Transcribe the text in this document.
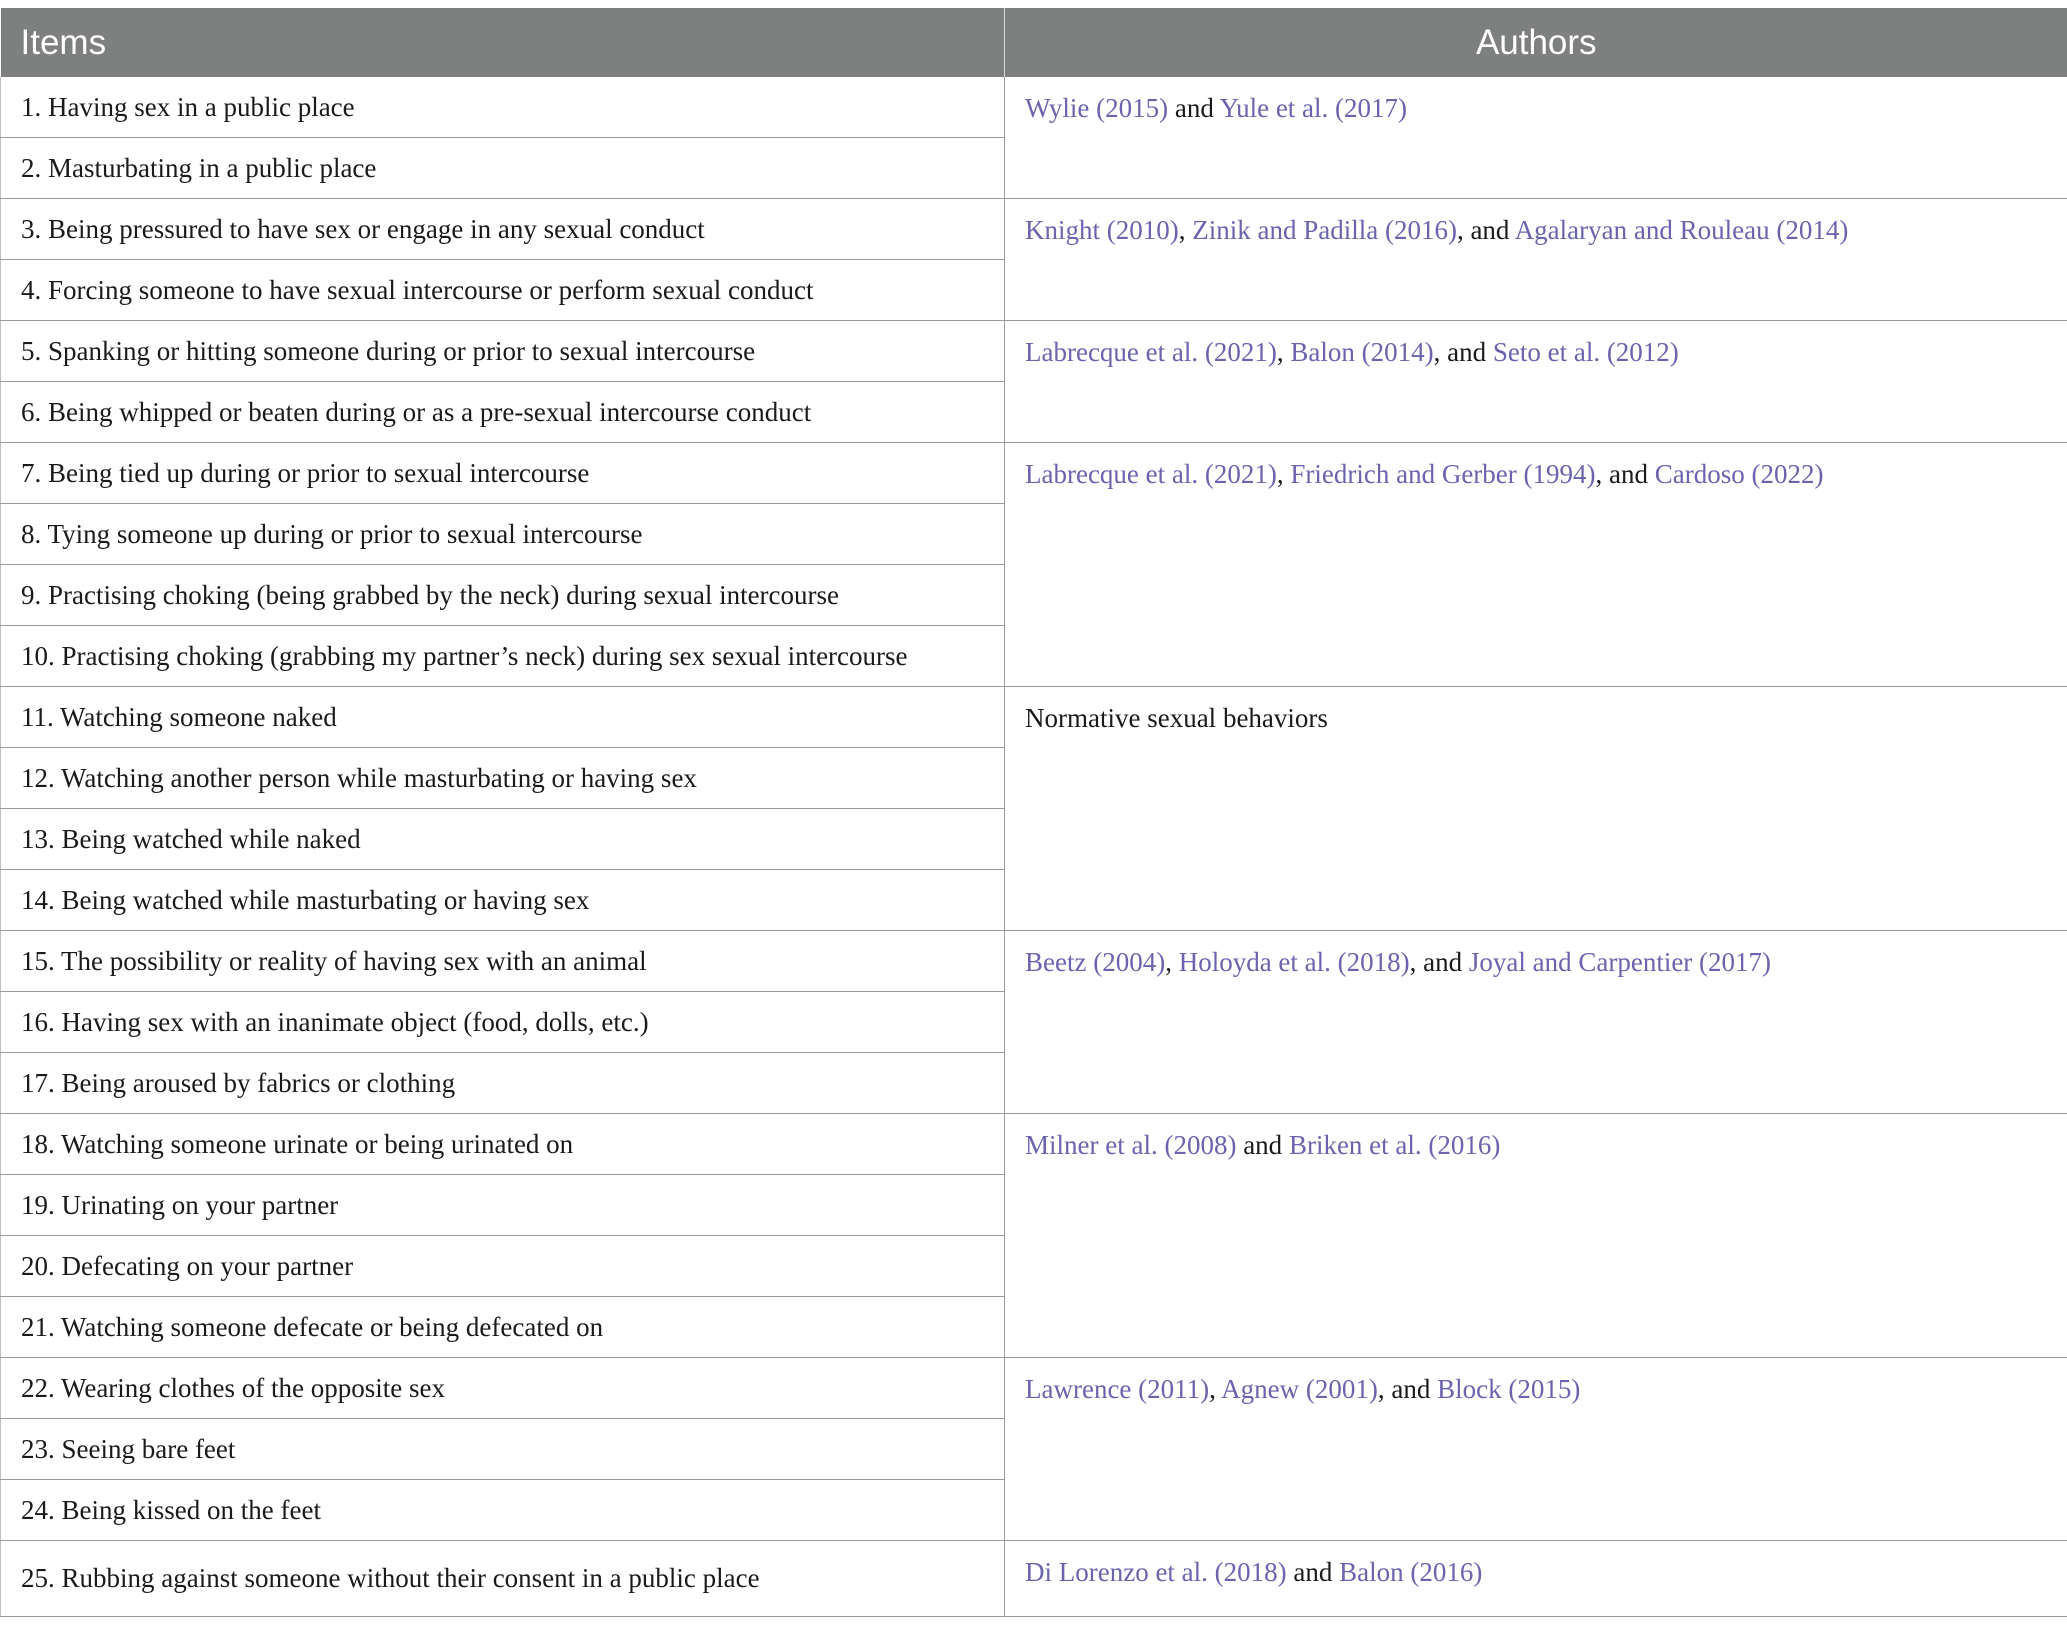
Items	Authors
1. Having sex in a public place	Wylie (2015) and Yule et al. (2017)
2. Masturbating in a public place	
3. Being pressured to have sex or engage in any sexual conduct	Knight (2010), Zinik and Padilla (2016), and Agalaryan and Rouleau (2014)
4. Forcing someone to have sexual intercourse or perform sexual conduct	
5. Spanking or hitting someone during or prior to sexual intercourse	Labrecque et al. (2021), Balon (2014), and Seto et al. (2012)
6. Being whipped or beaten during or as a pre-sexual intercourse conduct	
7. Being tied up during or prior to sexual intercourse	Labrecque et al. (2021), Friedrich and Gerber (1994), and Cardoso (2022)
8. Tying someone up during or prior to sexual intercourse	
9. Practising choking (being grabbed by the neck) during sexual intercourse	
10. Practising choking (grabbing my partner’s neck) during sex sexual intercourse	
11. Watching someone naked	Normative sexual behaviors
12. Watching another person while masturbating or having sex	
13. Being watched while naked	
14. Being watched while masturbating or having sex	
15. The possibility or reality of having sex with an animal	Beetz (2004), Holoyda et al. (2018), and Joyal and Carpentier (2017)
16. Having sex with an inanimate object (food, dolls, etc.)	
17. Being aroused by fabrics or clothing	
18. Watching someone urinate or being urinated on	Milner et al. (2008) and Briken et al. (2016)
19. Urinating on your partner	
20. Defecating on your partner	
21. Watching someone defecate or being defecated on	
22. Wearing clothes of the opposite sex	Lawrence (2011), Agnew (2001), and Block (2015)
23. Seeing bare feet	
24. Being kissed on the feet	
25. Rubbing against someone without their consent in a public place	Di Lorenzo et al. (2018) and Balon (2016)
